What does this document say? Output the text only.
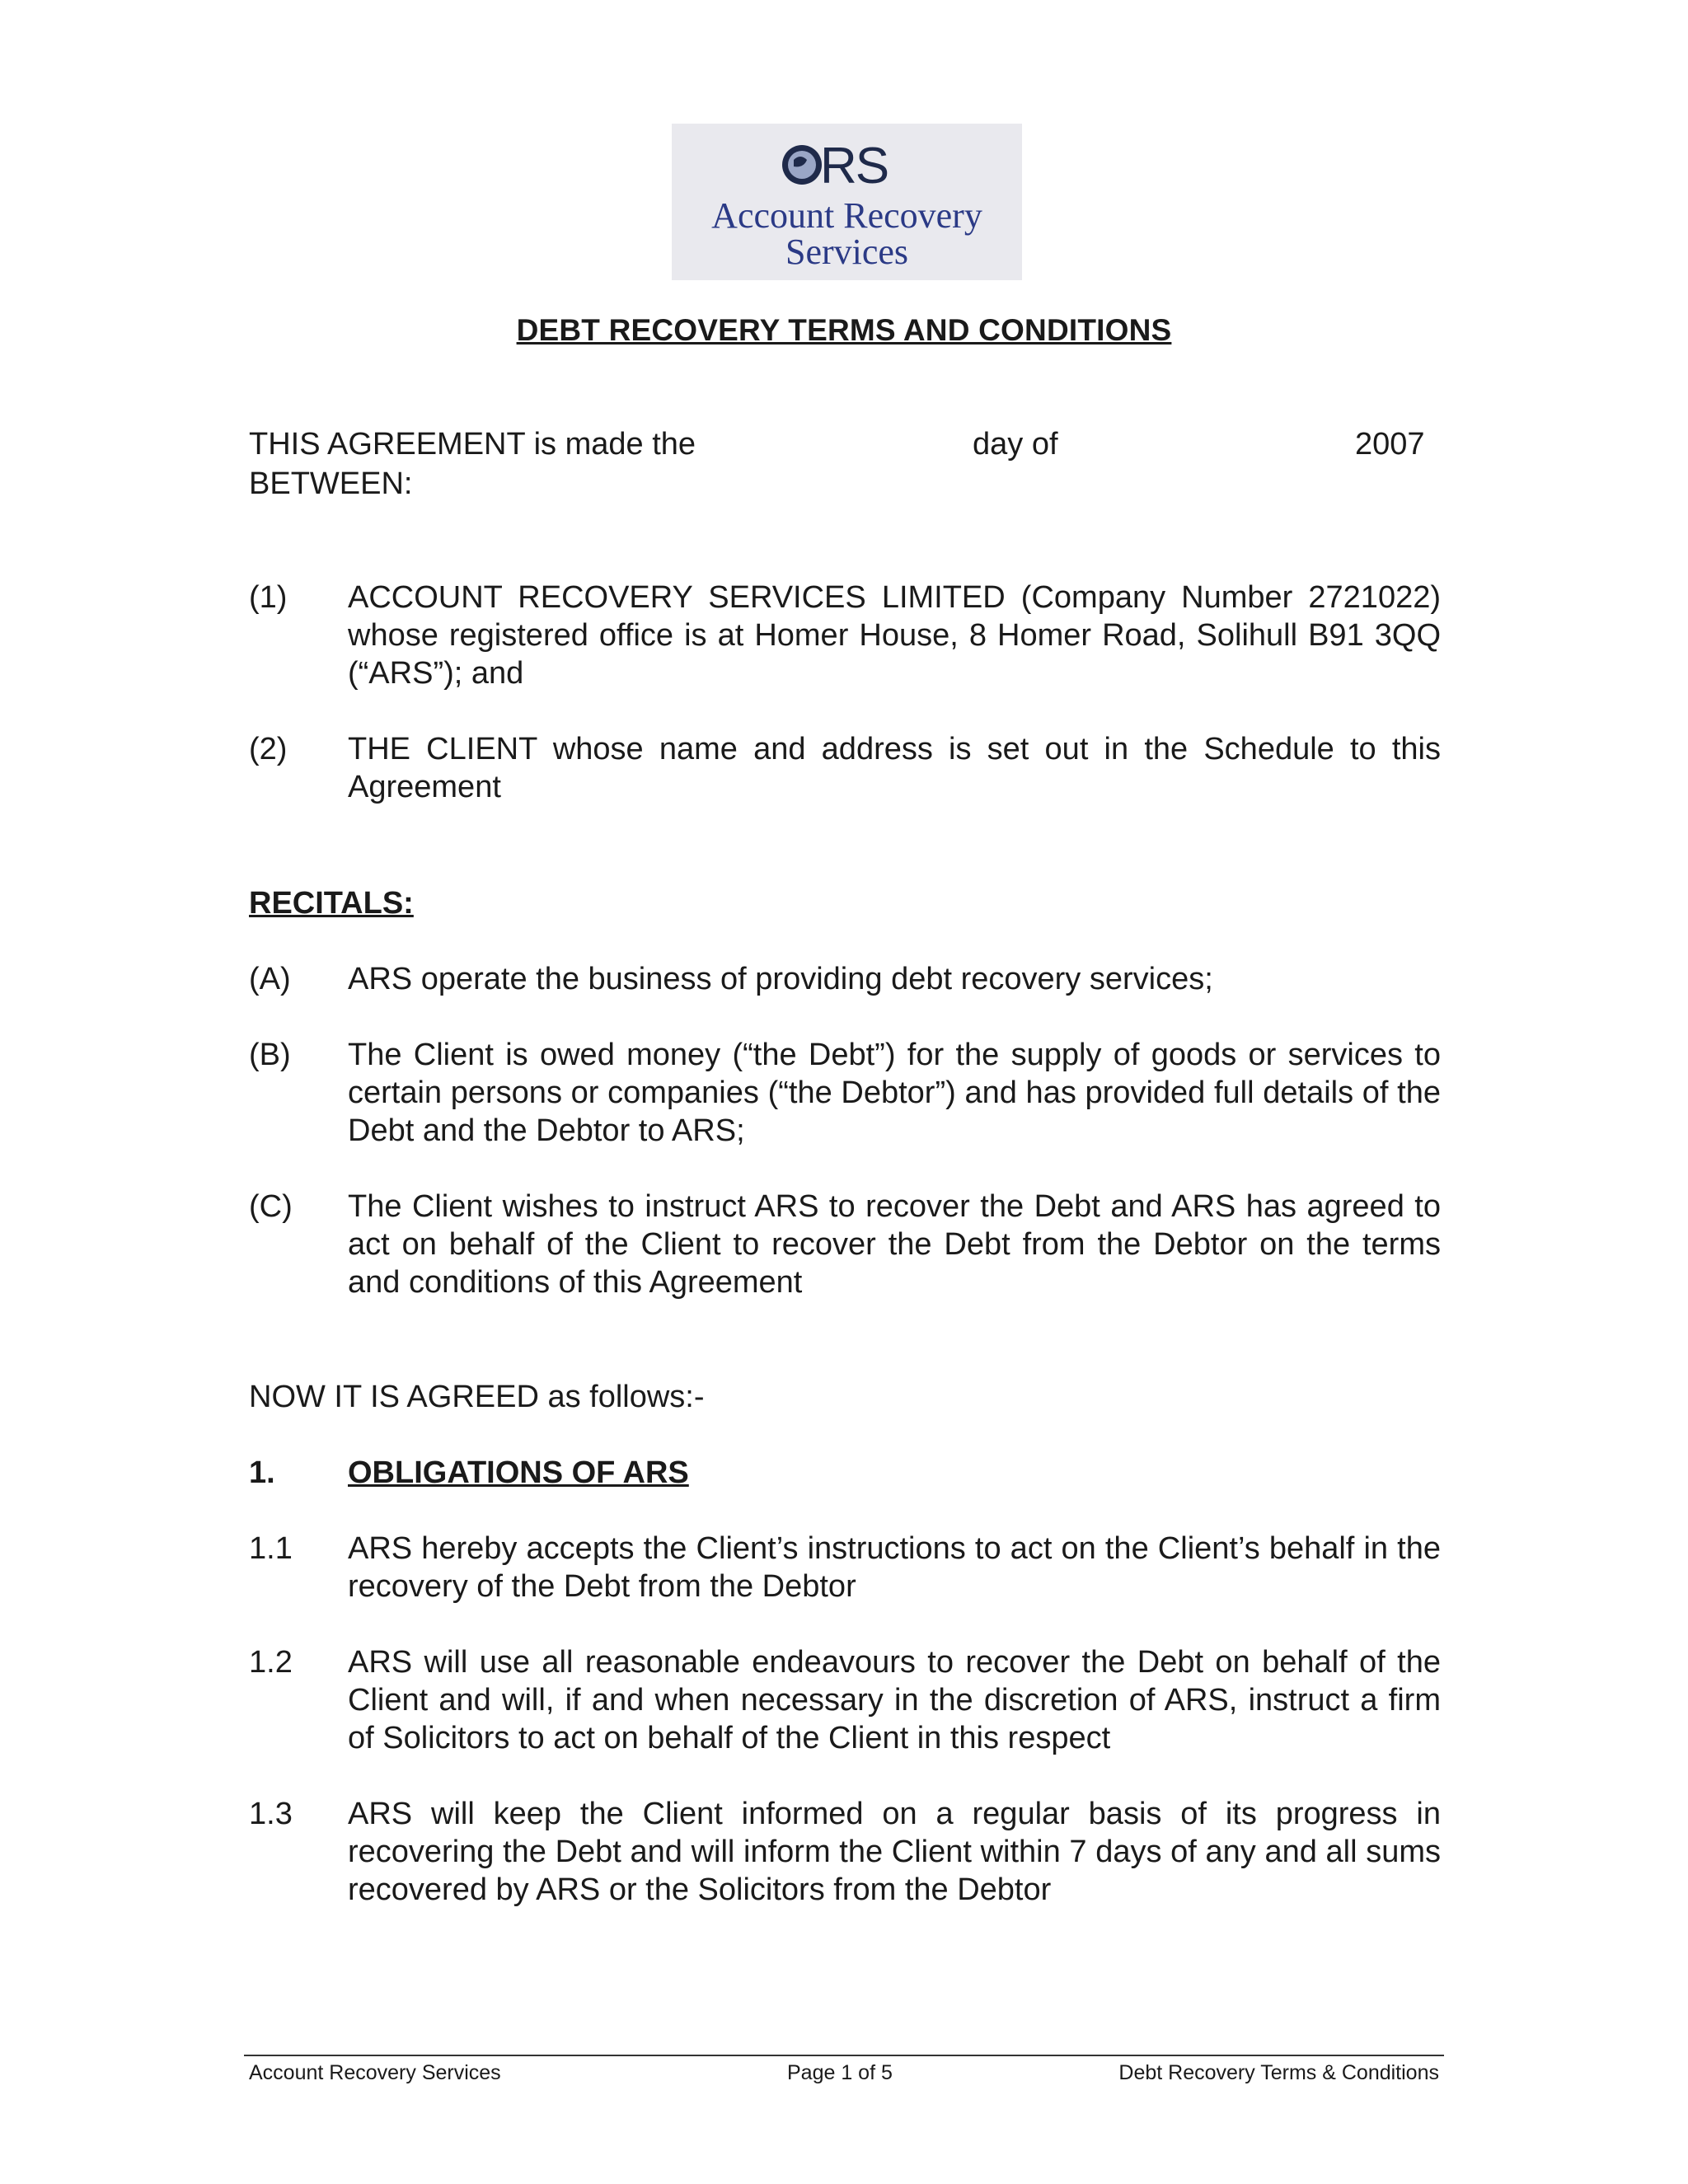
RS
Account Recovery
Services
DEBT RECOVERY TERMS AND CONDITIONS
THIS AGREEMENT is made the	day of	2007
BETWEEN:
(1)	ACCOUNT RECOVERY SERVICES LIMITED (Company Number 2721022) whose registered office is at Homer House, 8 Homer Road, Solihull B91 3QQ (“ARS”); and
(2)	THE CLIENT whose name and address is set out in the Schedule to this Agreement
RECITALS:
(A)	ARS operate the business of providing debt recovery services;
(B)	The Client is owed money (“the Debt”) for the supply of goods or services to certain persons or companies (“the Debtor”) and has provided full details of the Debt and the Debtor to ARS;
(C)	The Client wishes to instruct ARS to recover the Debt and ARS has agreed to act on behalf of the Client to recover the Debt from the Debtor on the terms and conditions of this Agreement
NOW IT IS AGREED as follows:-
1.	OBLIGATIONS OF ARS
1.1	ARS hereby accepts the Client’s instructions to act on the Client’s behalf in the recovery of the Debt from the Debtor
1.2	ARS will use all reasonable endeavours to recover the Debt on behalf of the Client and will, if and when necessary in the discretion of ARS, instruct a firm of Solicitors to act on behalf of the Client in this respect
1.3	ARS will keep the Client informed on a regular basis of its progress in recovering the Debt and will inform the Client within 7 days of any and all sums recovered by ARS or the Solicitors from the Debtor
Account Recovery Services	Page 1 of 5	Debt Recovery Terms & Conditions
